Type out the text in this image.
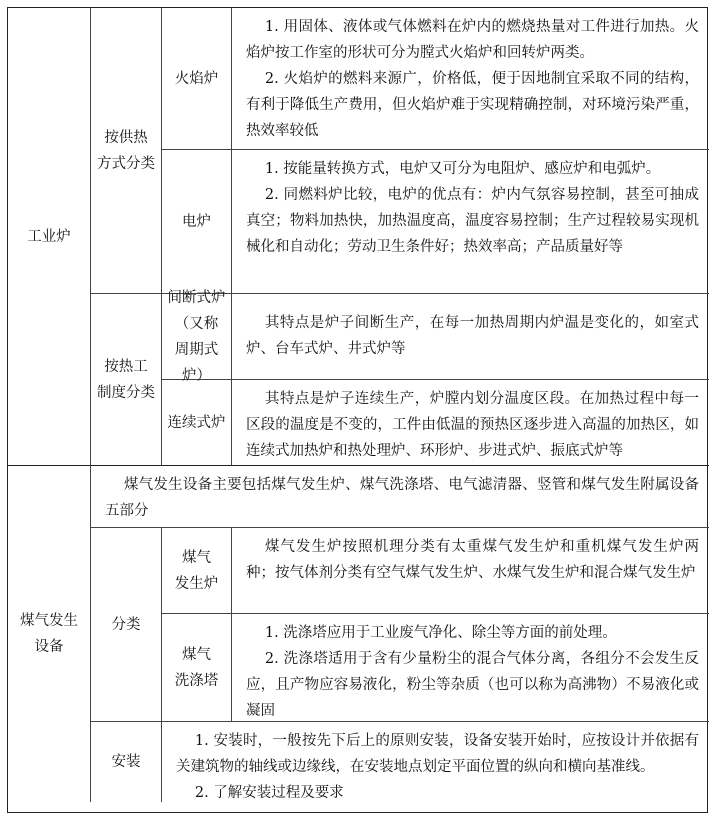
工业炉
按供热
方式分类
火焰炉

1. 用固体、液体或气体燃料在炉内的燃烧热量对工件进行加热。火焰炉按工作室的形状可分为膛式火焰炉和回转炉两类。

2. 火焰炉的燃料来源广，价格低，便于因地制宜采取不同的结构，有利于降低生产费用，但火焰炉难于实现精确控制，对环境污染严重，热效率较低

电炉

1. 按能量转换方式，电炉又可分为电阻炉、感应炉和电弧炉。

2. 同燃料炉比较，电炉的优点有：炉内气氛容易控制，甚至可抽成真空；物料加热快，加热温度高，温度容易控制；生产过程较易实现机械化和自动化；劳动卫生条件好；热效率高；产品质量好等

按热工
制度分类
间断式炉
（又称
周期式炉）

其特点是炉子间断生产，在每一加热周期内炉温是变化的，如室式炉、台车式炉、井式炉等

连续式炉

其特点是炉子连续生产，炉膛内划分温度区段。在加热过程中每一区段的温度是不变的，工件由低温的预热区逐步进入高温的加热区，如连续式加热炉和热处理炉、环形炉、步进式炉、振底式炉等

煤气发生
设备

煤气发生设备主要包括煤气发生炉、煤气洗涤塔、电气滤清器、竖管和煤气发生附属设备五部分

分类
煤气
发生炉

煤气发生炉按照机理分类有太重煤气发生炉和重机煤气发生炉两种；按气体剂分类有空气煤气发生炉、水煤气发生炉和混合煤气发生炉

煤气
洗涤塔

1. 洗涤塔应用于工业废气净化、除尘等方面的前处理。

2. 洗涤塔适用于含有少量粉尘的混合气体分离，各组分不会发生反应，且产物应容易液化，粉尘等杂质（也可以称为高沸物）不易液化或凝固

安装

1. 安装时，一般按先下后上的原则安装，设备安装开始时，应按设计并依据有关建筑物的轴线或边缘线，在安装地点划定平面位置的纵向和横向基准线。

2. 了解安装过程及要求
